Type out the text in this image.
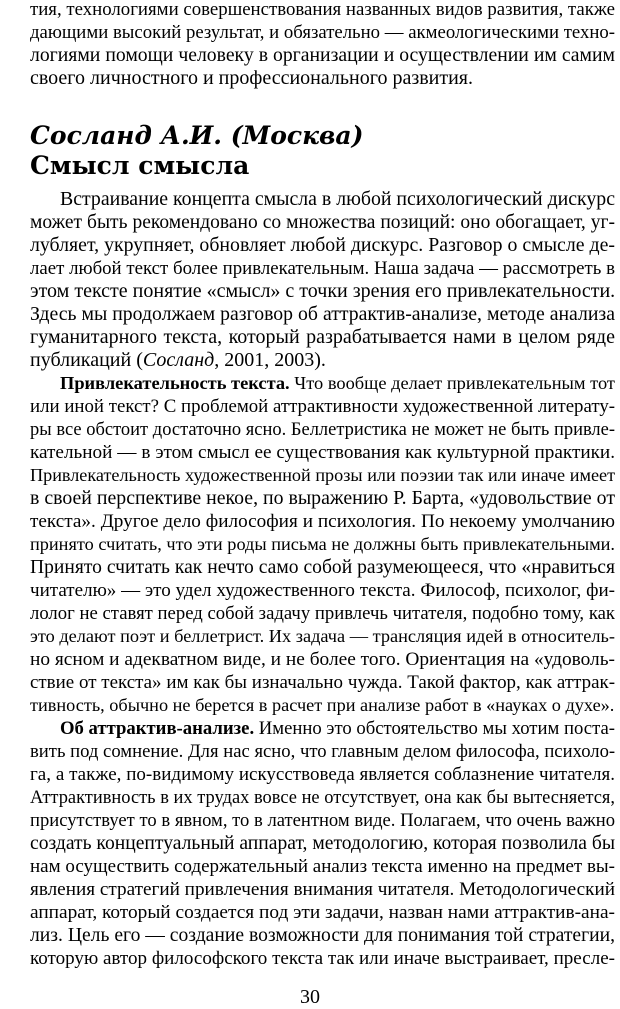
тия, технологиями совершенствования названных видов развития, также
дающими высокий результат, и обязательно — акмеологическими техно-
логиями помощи человеку в организации и осуществлении им самим
своего личностного и профессионального развития.
Сосланд А.И. (Москва)
Смысл смысла
Встраивание концепта смысла в любой психологический дискурс
может быть рекомендовано со множества позиций: оно обогащает, уг-
лубляет, укрупняет, обновляет любой дискурс. Разговор о смысле де-
лает любой текст более привлекательным. Наша задача — рассмотреть в
этом тексте понятие «смысл» с точки зрения его привлекательности.
Здесь мы продолжаем разговор об аттрактив-анализе, методе анализа
гуманитарного текста, который разрабатывается нами в целом ряде
публикаций (Сосланд, 2001, 2003).
Привлекательность текста. Что вообще делает привлекательным тот
или иной текст? С проблемой аттрактивности художественной литерату-
ры все обстоит достаточно ясно. Беллетристика не может не быть привле-
кательной — в этом смысл ее существования как культурной практики.
Привлекательность художественной прозы или поэзии так или иначе имеет
в своей перспективе некое, по выражению Р. Барта, «удовольствие от
текста». Другое дело философия и психология. По некоему умолчанию
принято считать, что эти роды письма не должны быть привлекательными.
Принято считать как нечто само собой разумеющееся, что «нравиться
читателю» — это удел художественного текста. Философ, психолог, фи-
лолог не ставят перед собой задачу привлечь читателя, подобно тому, как
это делают поэт и беллетрист. Их задача — трансляция идей в относитель-
но ясном и адекватном виде, и не более того. Ориентация на «удоволь-
ствие от текста» им как бы изначально чужда. Такой фактор, как аттрак-
тивность, обычно не берется в расчет при анализе работ в «науках о духе».
Об аттрактив-анализе. Именно это обстоятельство мы хотим поста-
вить под сомнение. Для нас ясно, что главным делом философа, психоло-
га, а также, по-видимому искусствоведа является соблазнение читателя.
Аттрактивность в их трудах вовсе не отсутствует, она как бы вытесняется,
присутствует то в явном, то в латентном виде. Полагаем, что очень важно
создать концептуальный аппарат, методологию, которая позволила бы
нам осуществить содержательный анализ текста именно на предмет вы-
явления стратегий привлечения внимания читателя. Методологический
аппарат, который создается под эти задачи, назван нами аттрактив-ана-
лиз. Цель его — создание возможности для понимания той стратегии,
которую автор философского текста так или иначе выстраивает, пресле-
30
